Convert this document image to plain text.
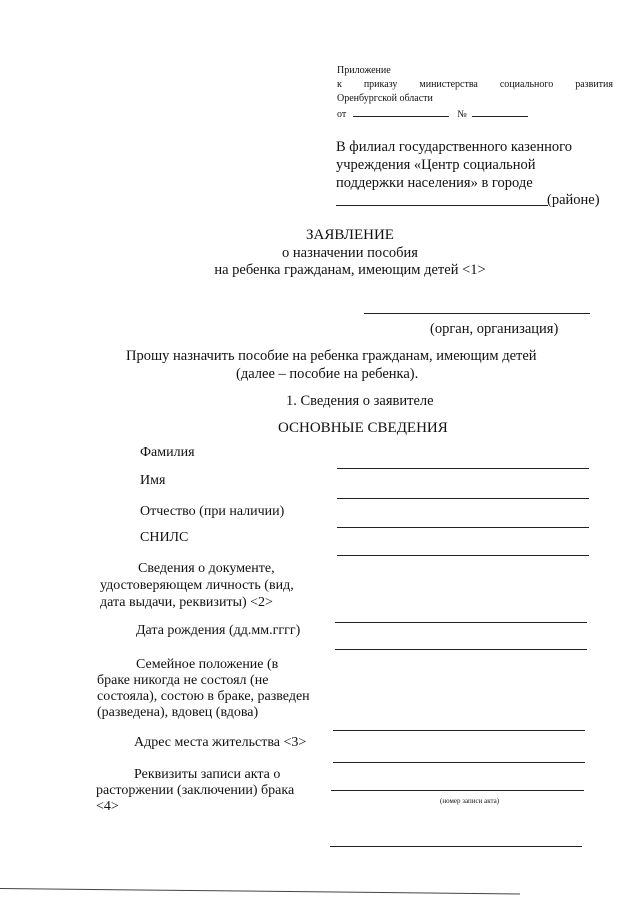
Приложение
к приказу министерства социального развития
Оренбургской области
от	№
В филиал государственного казенного
учреждения «Центр социальной
поддержки населения» в городе
(районе)
ЗАЯВЛЕНИЕ
о назначении пособия
на ребенка гражданам, имеющим детей <1>
(орган, организация)
Прошу назначить пособие на ребенка гражданам, имеющим детей
(далее – пособие на ребенка).
1. Сведения о заявителе
ОСНОВНЫЕ СВЕДЕНИЯ
Фамилия
Имя
Отчество (при наличии)
СНИЛС
Сведения о документе,
удостоверяющем личность (вид,
дата выдачи, реквизиты) <2>
Дата рождения (дд.мм.гггг)
Семейное положение (в
браке никогда не состоял (не
состояла), состою в браке, разведен
(разведена), вдовец (вдова)
Адрес места жительства <3>
Реквизиты записи акта о
расторжении (заключении) брака
<4>	(номер записи акта)
